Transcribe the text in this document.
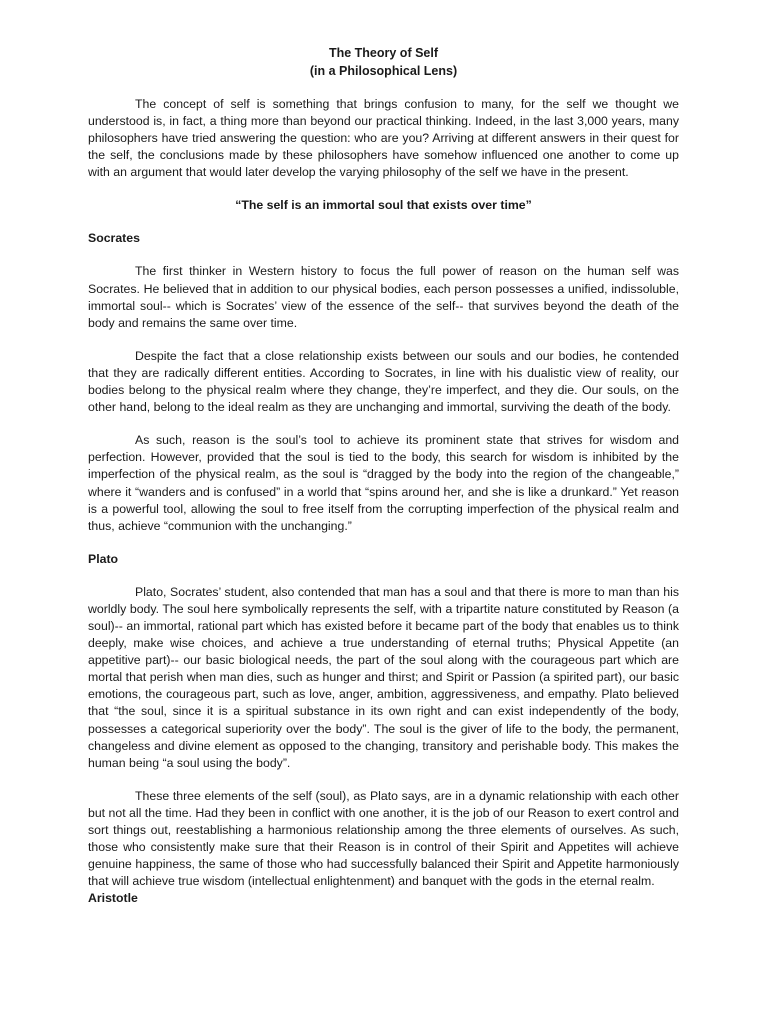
The Theory of Self

(in a Philosophical Lens)

The concept of self is something that brings confusion to many, for the self we thought we understood is, in fact, a thing more than beyond our practical thinking. Indeed, in the last 3,000 years, many philosophers have tried answering the question: who are you? Arriving at different answers in their quest for the self, the conclusions made by these philosophers have somehow influenced one another to come up with an argument that would later develop the varying philosophy of the self we have in the present.

“The self is an immortal soul that exists over time”

Socrates

The first thinker in Western history to focus the full power of reason on the human self was Socrates. He believed that in addition to our physical bodies, each person possesses a unified, indissoluble, immortal soul-- which is Socrates’ view of the essence of the self-- that survives beyond the death of the body and remains the same over time.

Despite the fact that a close relationship exists between our souls and our bodies, he contended that they are radically different entities. According to Socrates, in line with his dualistic view of reality, our bodies belong to the physical realm where they change, they’re imperfect, and they die. Our souls, on the other hand, belong to the ideal realm as they are unchanging and immortal, surviving the death of the body.

As such, reason is the soul’s tool to achieve its prominent state that strives for wisdom and perfection. However, provided that the soul is tied to the body, this search for wisdom is inhibited by the imperfection of the physical realm, as the soul is “dragged by the body into the region of the changeable,” where it “wanders and is confused” in a world that “spins around her, and she is like a drunkard.” Yet reason is a powerful tool, allowing the soul to free itself from the corrupting imperfection of the physical realm and thus, achieve “communion with the unchanging.”

Plato

Plato, Socrates’ student, also contended that man has a soul and that there is more to man than his worldly body. The soul here symbolically represents the self, with a tripartite nature constituted by Reason (a soul)-- an immortal, rational part which has existed before it became part of the body that enables us to think deeply, make wise choices, and achieve a true understanding of eternal truths; Physical Appetite (an appetitive part)-- our basic biological needs, the part of the soul along with the courageous part which are mortal that perish when man dies, such as hunger and thirst; and Spirit or Passion (a spirited part), our basic emotions, the courageous part, such as love, anger, ambition, aggressiveness, and empathy. Plato believed that “the soul, since it is a spiritual substance in its own right and can exist independently of the body, possesses a categorical superiority over the body”. The soul is the giver of life to the body, the permanent, changeless and divine element as opposed to the changing, transitory and perishable body. This makes the human being “a soul using the body”.

These three elements of the self (soul), as Plato says, are in a dynamic relationship with each other but not all the time. Had they been in conflict with one another, it is the job of our Reason to exert control and sort things out, reestablishing a harmonious relationship among the three elements of ourselves. As such, those who consistently make sure that their Reason is in control of their Spirit and Appetites will achieve genuine happiness, the same of those who had successfully balanced their Spirit and Appetite harmoniously that will achieve true wisdom (intellectual enlightenment) and banquet with the gods in the eternal realm.

Aristotle
